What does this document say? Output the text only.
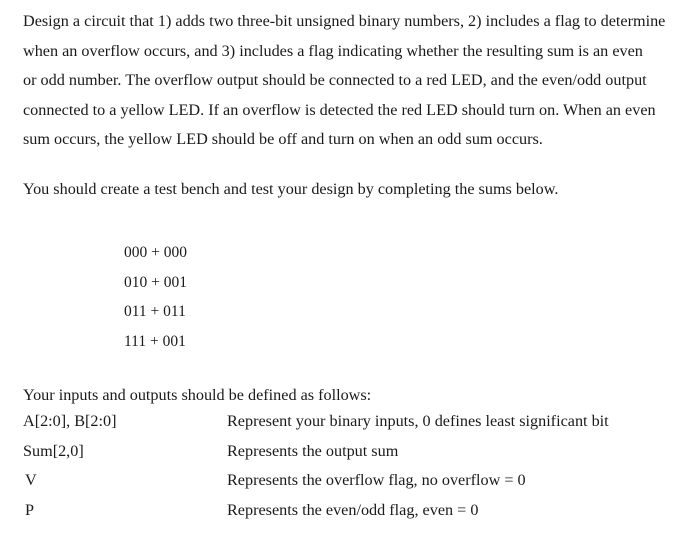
Design a circuit that 1) adds two three-bit unsigned binary numbers, 2) includes a flag to determine
when an overflow occurs, and 3) includes a flag indicating whether the resulting sum is an even
or odd number. The overflow output should be connected to a red LED, and the even/odd output
connected to a yellow LED. If an overflow is detected the red LED should turn on. When an even
sum occurs, the yellow LED should be off and turn on when an odd sum occurs.
You should create a test bench and test your design by completing the sums below.
000 + 000
010 + 001
011 + 011
111 + 001
Your inputs and outputs should be defined as follows:
A[2:0], B[2:0]	Represent your binary inputs, 0 defines least significant bit
Sum[2,0]	Represents the output sum
V	Represents the overflow flag, no overflow = 0
P	Represents the even/odd flag, even = 0
